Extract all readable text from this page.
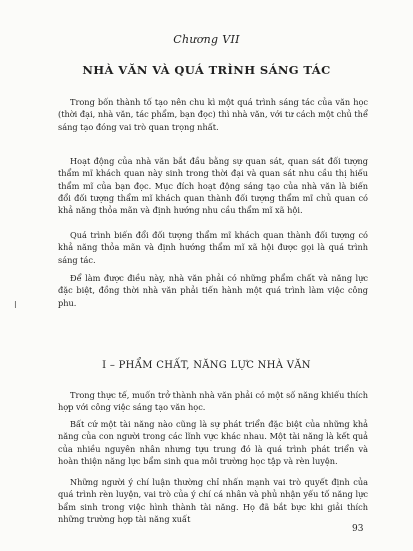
Chương VII
NHÀ VĂN VÀ QUÁ TRÌNH SÁNG TÁC

Trong bốn thành tố tạo nên chu kì một quá trình sáng tác của văn học (thời đại, nhà văn, tác phẩm, bạn đọc) thì nhà văn, với tư cách một chủ thể sáng tạo đóng vai trò quan trọng nhất.

Hoạt động của nhà văn bắt đầu bằng sự quan sát, quan sát đối tượng thẩm mĩ khách quan này sinh trong thời đại và quan sát nhu cầu thị hiếu thẩm mĩ của bạn đọc. Mục đích hoạt động sáng tạo của nhà văn là biến đổi đối tượng thẩm mĩ khách quan thành đối tượng thẩm mĩ chủ quan có khả năng thỏa mãn và định hướng nhu cầu thẩm mĩ xã hội.

Quá trình biến đổi đối tượng thẩm mĩ khách quan thành đối tượng có khả năng thỏa mãn và định hướng thẩm mĩ xã hội được gọi là quá trình sáng tác.

Để làm được điều này, nhà văn phải có những phẩm chất và năng lực đặc biệt, đồng thời nhà văn phải tiến hành một quá trình làm việc công phu.

ǀ
I – PHẨM CHẤT, NĂNG LỰC NHÀ VĂN

Trong thực tế, muốn trở thành nhà văn phải có một số năng khiếu thích hợp với công việc sáng tạo văn học.

Bất cứ một tài năng nào cũng là sự phát triển đặc biệt của những khả năng của con người trong các lĩnh vực khác nhau. Một tài năng là kết quả của nhiều nguyên nhân nhưng tựu trung đó là quá trình phát triển và hoàn thiện năng lực bẩm sinh qua môi trường học tập và rèn luyện.

Những người ý chí luận thường chỉ nhấn mạnh vai trò quyết định của quá trình rèn luyện, vai trò của ý chí cá nhân và phủ nhận yếu tố năng lực bẩm sinh trong việc hình thành tài năng. Họ đã bắt bực khi giải thích những trường hợp tài năng xuất

93
